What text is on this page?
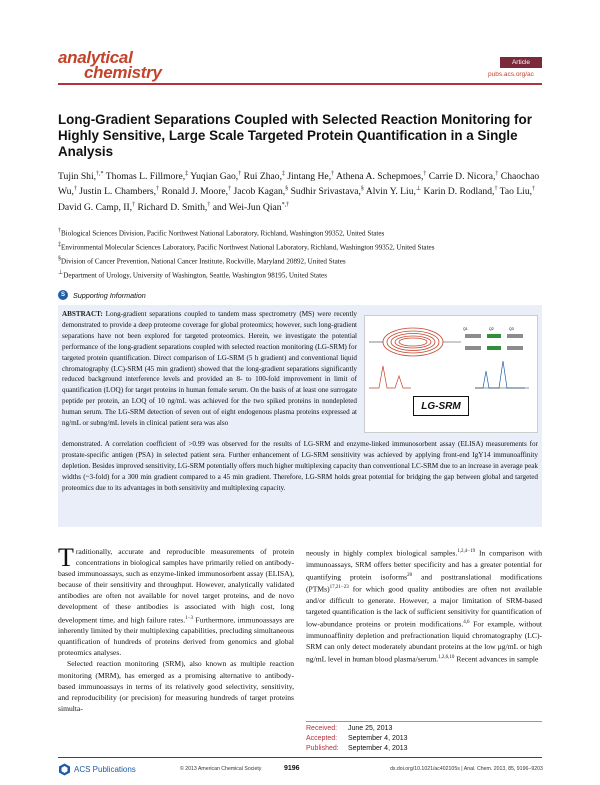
analytical
chemistry
Article
pubs.acs.org/ac
Long-Gradient Separations Coupled with Selected Reaction Monitoring for Highly Sensitive, Large Scale Targeted Protein Quantification in a Single Analysis
Tujin Shi,†,* Thomas L. Fillmore,‡ Yuqian Gao,† Rui Zhao,‡ Jintang He,† Athena A. Schepmoes,† Carrie D. Nicora,† Chaochao Wu,† Justin L. Chambers,† Ronald J. Moore,† Jacob Kagan,§ Sudhir Srivastava,§ Alvin Y. Liu,⊥ Karin D. Rodland,† Tao Liu,† David G. Camp, II,† Richard D. Smith,† and Wei-Jun Qian*,†
†Biological Sciences Division, Pacific Northwest National Laboratory, Richland, Washington 99352, United States
‡Environmental Molecular Sciences Laboratory, Pacific Northwest National Laboratory, Richland, Washington 99352, United States
§Division of Cancer Prevention, National Cancer Institute, Rockville, Maryland 20892, United States
⊥Department of Urology, University of Washington, Seattle, Washington 98195, United States
S	Supporting Information
ABSTRACT: Long-gradient separations coupled to tandem mass spectrometry (MS) were recently demonstrated to provide a deep proteome coverage for global proteomics; however, such long-gradient separations have not been explored for targeted proteomics. Herein, we investigate the potential performance of the long-gradient separations coupled with selected reaction monitoring (LG-SRM) for targeted protein quantification. Direct comparison of LG-SRM (5 h gradient) and conventional liquid chromatography (LC)-SRM (45 min gradient) showed that the long-gradient separations significantly reduced background interference levels and provided an 8- to 100-fold improvement in limit of quantification (LOQ) for target proteins in human female serum. On the basis of at least one surrogate peptide per protein, an LOQ of 10 ng/mL was achieved for the two spiked proteins in nondepleted human serum. The LG-SRM detection of seven out of eight endogenous plasma proteins expressed at ng/mL or subng/mL levels in clinical patient sera was also
Q1	Q2	Q3
LG-SRM
demonstrated. A correlation coefficient of >0.99 was observed for the results of LG-SRM and enzyme-linked immunosorbent assay (ELISA) measurements for prostate-specific antigen (PSA) in selected patient sera. Further enhancement of LG-SRM sensitivity was achieved by applying front-end IgY14 immunoaffinity depletion. Besides improved sensitivity, LG-SRM potentially offers much higher multiplexing capacity than conventional LC-SRM due to an increase in average peak widths (~3-fold) for a 300 min gradient compared to a 45 min gradient. Therefore, LG-SRM holds great potential for bridging the gap between global and targeted proteomics due to its advantages in both sensitivity and multiplexing capacity.

Traditionally, accurate and reproducible measurements of protein concentrations in biological samples have primarily relied on antibody-based immunoassays, such as enzyme-linked immunosorbent assay (ELISA), because of their sensitivity and throughput. However, analytically validated antibodies are often not available for novel target proteins, and de novo development of these antibodies is associated with high cost, long development time, and high failure rates.$^{1-3}$ Furthermore, immunoassays are inherently limited by their multiplexing capabilities, precluding simultaneous quantification of hundreds of proteins derived from genomics and global proteomics analyses.

Selected reaction monitoring (SRM), also known as multiple reaction monitoring (MRM), has emerged as a promising alternative to antibody-based immunoassays in terms of its relatively good selectivity, sensitivity, and reproducibility (or precision) for measuring hundreds of target proteins simulta-

neously in highly complex biological samples.$^{1,2,4-19}$ In comparison with immunoassays, SRM offers better specificity and has a greater potential for quantifying protein isoforms$^{20}$ and posttranslational modifications (PTMs)$^{17,21-23}$ for which good quality antibodies are often not available and/or difficult to generate. However, a major limitation of SRM-based targeted quantification is the lack of sufficient sensitivity for quantification of low-abundance proteins or protein modifications.$^{4,6}$ For example, without immunoaffinity depletion and prefractionation liquid chromatography (LC)-SRM can only detect moderately abundant proteins at the low μg/mL or high ng/mL level in human blood plasma/serum.$^{1,2,6,10}$ Recent advances in sample

Received: June 25, 2013
Accepted: September 4, 2013
Published: September 4, 2013
ACS Publications	© 2013 American Chemical Society	9196	dx.doi.org/10.1021/ac402105s | Anal. Chem. 2013, 85, 9196−9203
